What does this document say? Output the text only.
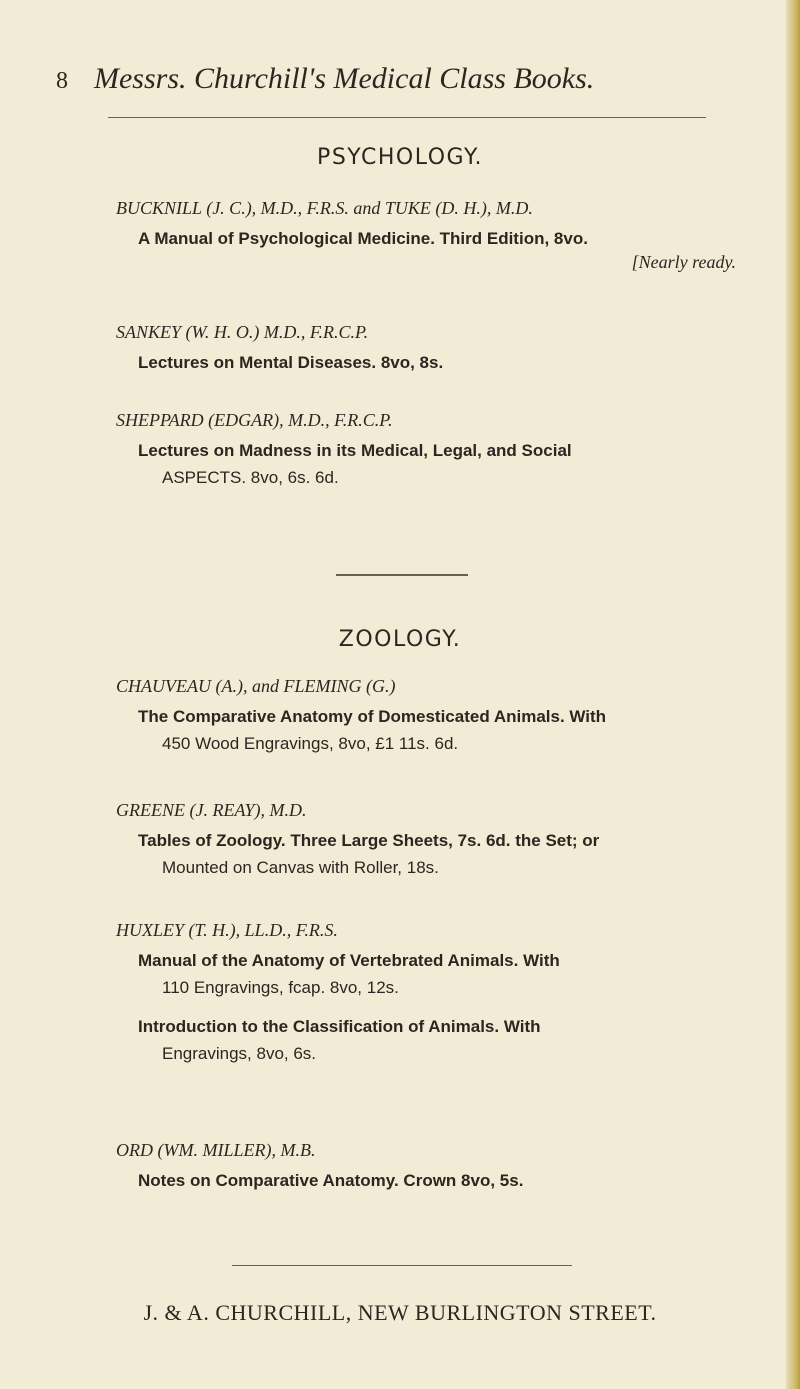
8 Messrs. Churchill's Medical Class Books.
PSYCHOLOGY.
BUCKNILL (J. C.), M.D., F.R.S. and TUKE (D. H.), M.D.
A Manual of Psychological Medicine. Third Edition, 8vo.
[Nearly ready.
SANKEY (W. H. O.) M.D., F.R.C.P.
Lectures on Mental Diseases. 8vo, 8s.
SHEPPARD (EDGAR), M.D., F.R.C.P.
Lectures on Madness in its Medical, Legal, and Social
ASPECTS. 8vo, 6s. 6d.
ZOOLOGY.
CHAUVEAU (A.), and FLEMING (G.)
The Comparative Anatomy of Domesticated Animals. With
450 Wood Engravings, 8vo, £1 11s. 6d.
GREENE (J. REAY), M.D.
Tables of Zoology. Three Large Sheets, 7s. 6d. the Set; or
Mounted on Canvas with Roller, 18s.
HUXLEY (T. H.), LL.D., F.R.S.
Manual of the Anatomy of Vertebrated Animals. With
110 Engravings, fcap. 8vo, 12s.
Introduction to the Classification of Animals. With
Engravings, 8vo, 6s.
ORD (WM. MILLER), M.B.
Notes on Comparative Anatomy. Crown 8vo, 5s.
J. & A. CHURCHILL, NEW BURLINGTON STREET.
